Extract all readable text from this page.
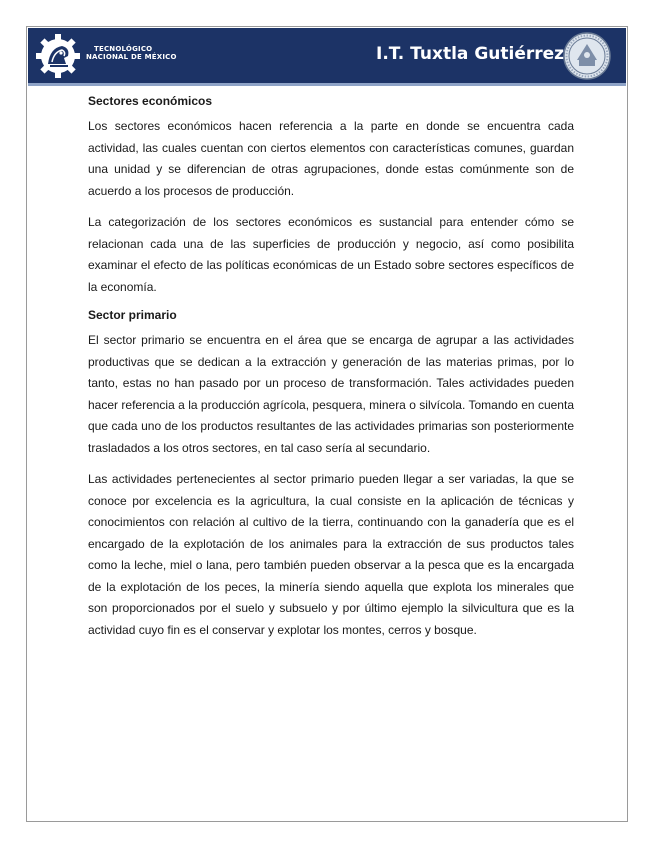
TECNOLÓGICO
NACIONAL DE MÉXICO	I.T. Tuxtla Gutiérrez
Sectores económicos

Los sectores económicos hacen referencia a la parte en donde se encuentra cada actividad, las cuales cuentan con ciertos elementos con características comunes, guardan una unidad y se diferencian de otras agrupaciones, donde estas comúnmente son de acuerdo a los procesos de producción.

La categorización de los sectores económicos es sustancial para entender cómo se relacionan cada una de las superficies de producción y negocio, así como posibilita examinar el efecto de las políticas económicas de un Estado sobre sectores específicos de la economía.

Sector primario

El sector primario se encuentra en el área que se encarga de agrupar a las actividades productivas que se dedican a la extracción y generación de las materias primas, por lo tanto, estas no han pasado por un proceso de transformación. Tales actividades pueden hacer referencia a la producción agrícola, pesquera, minera o silvícola. Tomando en cuenta que cada uno de los productos resultantes de las actividades primarias son posteriormente trasladados a los otros sectores, en tal caso sería al secundario.

Las actividades pertenecientes al sector primario pueden llegar a ser variadas, la que se conoce por excelencia es la agricultura, la cual consiste en la aplicación de técnicas y conocimientos con relación al cultivo de la tierra, continuando con la ganadería que es el encargado de la explotación de los animales para la extracción de sus productos tales como la leche, miel o lana, pero también pueden observar a la pesca que es la encargada de la explotación de los peces, la minería siendo aquella que explota los minerales que son proporcionados por el suelo y subsuelo y por último ejemplo la silvicultura que es la actividad cuyo fin es el conservar y explotar los montes, cerros y bosque.
